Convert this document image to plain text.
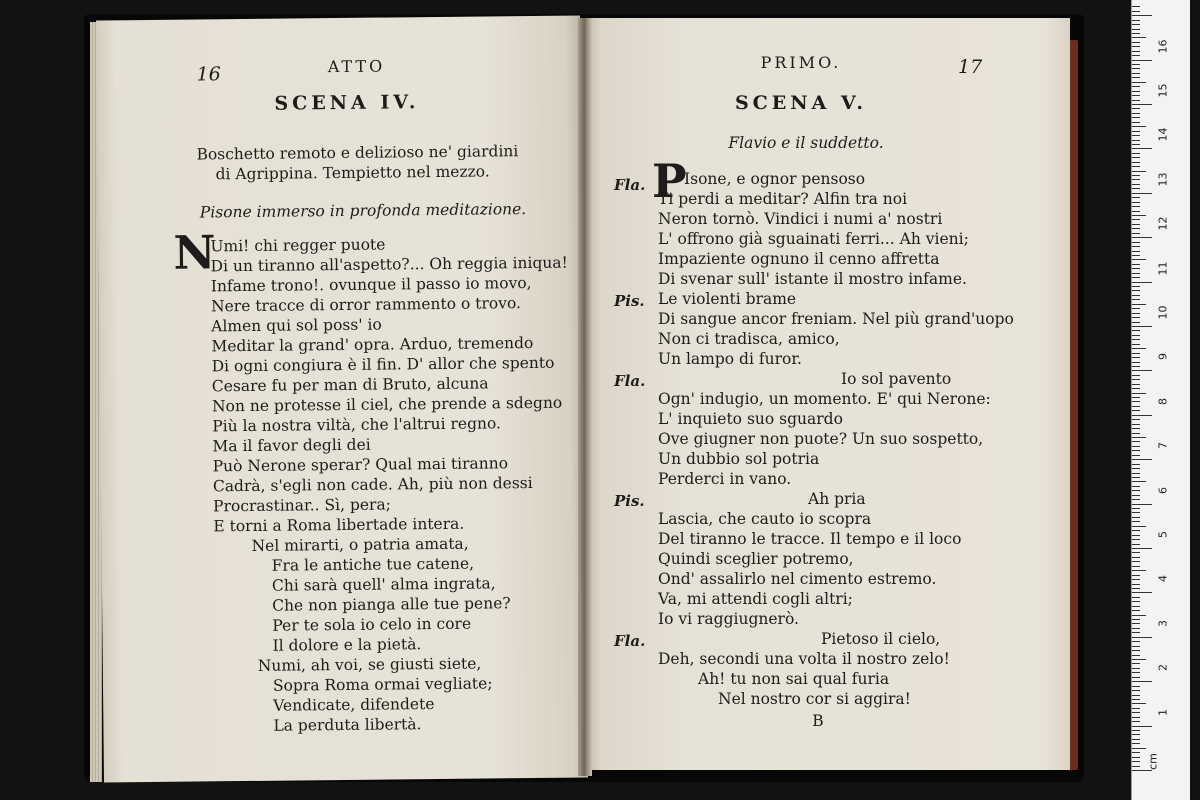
16	ATTO
SCENA IV.
Boschetto remoto e delizioso ne' giardini
di Agrippina. Tempietto nel mezzo.
Pisone immerso in profonda meditazione.
N
Umi! chi regger puote
Di un tiranno all'aspetto?... Oh reggia iniqua!
Infame trono!. ovunque il passo io movo,
Nere tracce di orror rammento o trovo.
Almen qui sol poss' io
Meditar la grand' opra. Arduo, tremendo
Di ogni congiura è il fin. D' allor che spento
Cesare fu per man di Bruto, alcuna
Non ne protesse il ciel, che prende a sdegno
Più la nostra viltà, che l'altrui regno.
Ma il favor degli dei
Può Nerone sperar? Qual mai tiranno
Cadrà, s'egli non cade. Ah, più non dessi
Procrastinar.. Sì, pera;
E torni a Roma libertade intera.
Nel mirarti, o patria amata,
Fra le antiche tue catene,
Chi sarà quell' alma ingrata,
Che non pianga alle tue pene?
Per te sola io celo in core
Il dolore e la pietà.
Numi, ah voi, se giusti siete,
Sopra Roma ormai vegliate;
Vendicate, difendete
La perduta libertà.
PRIMO.	17
SCENA V.
Flavio e il suddetto.
Fla. P
Isone, e ognor pensoso
Ti perdi a meditar? Alfin tra noi
Neron tornò. Vindici i numi a' nostri
L' offrono già sguainati ferri... Ah vieni;
Impaziente ognuno il cenno affretta
Di svenar sull' istante il mostro infame.
Pis. Le violenti brame
Di sangue ancor freniam. Nel più grand'uopo
Non ci tradisca, amico,
Un lampo di furor.
Fla.	Io sol pavento
Ogn' indugio, un momento. E' qui Nerone:
L' inquieto suo sguardo
Ove giugner non puote? Un suo sospetto,
Un dubbio sol potria
Perderci in vano.
Pis.	Ah pria
Lascia, che cauto io scopra
Del tiranno le tracce. Il tempo e il loco
Quindi sceglier potremo,
Ond' assalirlo nel cimento estremo.
Va, mi attendi cogli altri;
Io vi raggiugnerò.
Fla.	Pietoso il cielo,
Deh, secondi una volta il nostro zelo!
Ah! tu non sai qual furia
Nel nostro cor si aggira!
B	1
2
3
4
5
6
7
8
9
10
11
12
13
14
15
16
cm
